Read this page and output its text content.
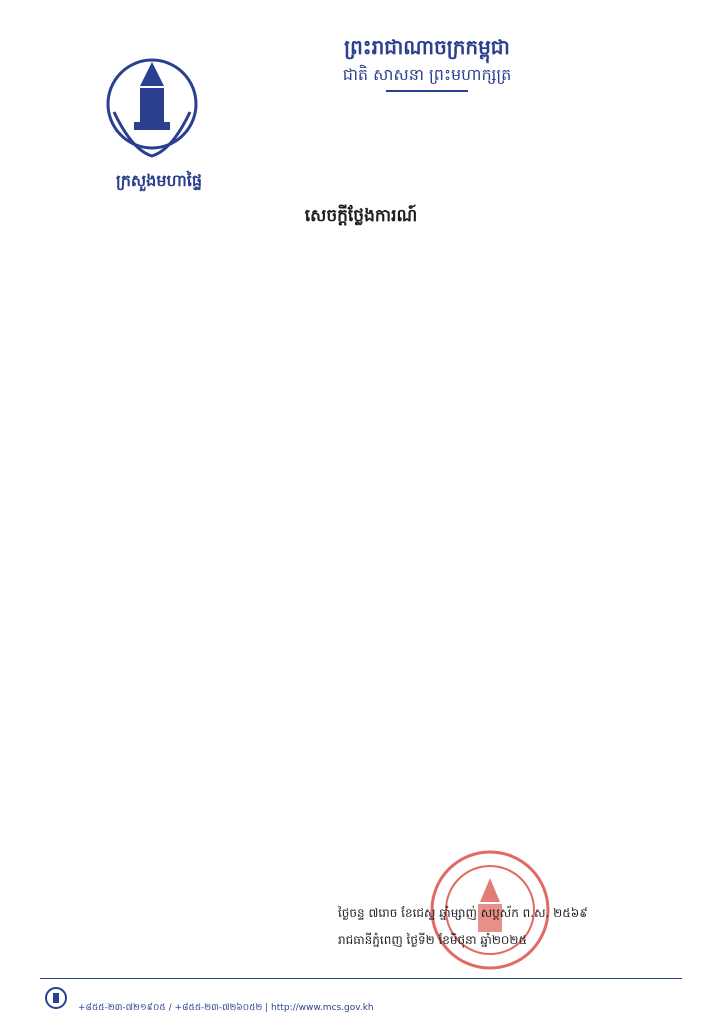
ព្រះរាជាណាចក្រកម្ពុជា
ជាតិ សាសនា ព្រះមហាក្សត្រ
ក្រសួងមហាផ្ទៃ
សេចក្តីថ្លែងការណ៍

ថ្ងៃចន្ទ ៧រោច ខែជេស្ឋ ឆ្នាំម្សាញ់ សប្តស័ក ព.ស. ២៥៦៩
រាជធានីភ្នំពេញ ថ្ងៃទី២ ខែមិថុនា ឆ្នាំ២០២៥
+៨៥៥-២៣-៧២១៩០៥ / +៨៥៥-២៣-៧២៦០៥២ | http://www.mcs.gov.kh
